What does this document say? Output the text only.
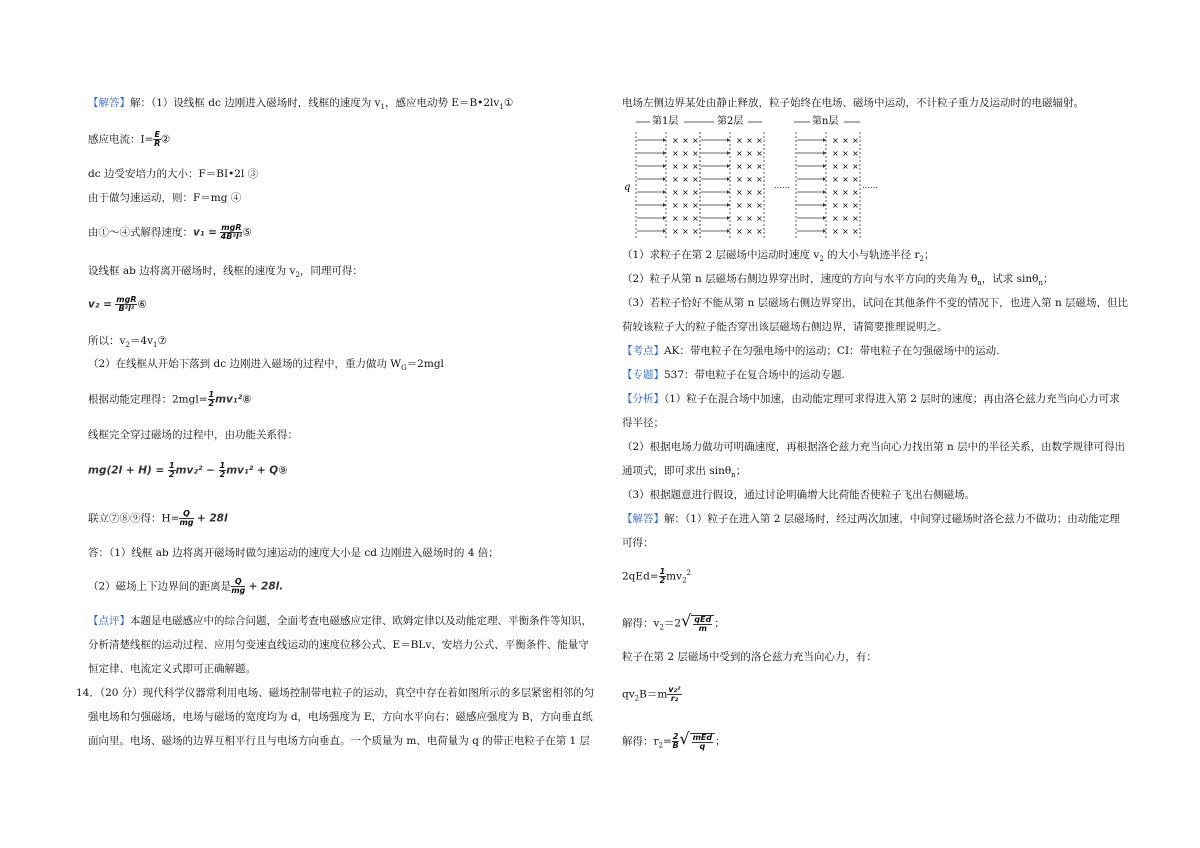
【解答】解：（1）设线框 dc 边刚进入磁场时，线框的速度为 $v_1$，感应电动势 $E=B•2lv_1①$
感应电流：$I= \frac{E}{R}$ ②
dc 边受安培力的大小：F＝BI•2l ③
由于做匀速运动，则：F＝mg ④
由①～④式解得速度：$v_1 = \frac{\text{mgR}}{\text{4B²l²}}$ ⑤
设线框 ab 边将离开磁场时，线框的速度为 $v_2$，同理可得：
$v_2 = \frac{\text{mgR}}{\text{B²l²}}$ ⑥
所以：$v_2=4v_1⑦$
（2）在线框从开始下落到 dc 边刚进入磁场的过程中，重力做功 $W_G=2mgl$
根据动能定理得：$2mgl= \frac{1}{2}$ mv₁²⑧
线框完全穿过磁场的过程中，由功能关系得：
$mg(2l + H) = \frac{1}{2} mv_2^2 - \frac{1}{2} mv_1^2$ + Q⑨
联立⑦⑧⑨得：$H= \frac{Q}{mg} + 28l$
答：（1）线框 ab 边将离开磁场时做匀速运动的速度大小是 cd 边刚进入磁场时的 4 倍；
（2）磁场上下边界间的距离是 $\frac{Q}{mg} + 28l$.
【点评】本题是电磁感应中的综合问题，全面考查电磁感应定律、欧姆定律以及动能定理、平衡条件等知识，
分析清楚线框的运动过程、应用匀变速直线运动的速度位移公式、E＝BLv、安培力公式、平衡条件、能量守
恒定律、电流定义式即可正确解题。
14．（20 分）现代科学仪器常利用电场、磁场控制带电粒子的运动，真空中存在着如图所示的多层紧密相邻的匀
强电场和匀强磁场，电场与磁场的宽度均为 d，电场强度为 E，方向水平向右；磁感应强度为 B，方向垂直纸
面向里。电场、磁场的边界互相平行且与电场方向垂直。一个质量为 m、电荷量为 q 的带正电粒子在第 1 层
电场左侧边界某处由静止释放，粒子始终在电场、磁场中运动，不计粒子重力及运动时的电磁辐射。
第1层	第2层	第n层
× × ×
× × ×
× × ×
× × ×
× × ×
× × ×
× × ×
× × ×
× × ×
× × ×
× × ×
× × ×
× × ×
× × ×
× × ×
× × ×
× × ×
× × ×
× × ×
× × ×
× × ×
× × ×
× × ×
× × ×
q	……	……
（1）求粒子在第 2 层磁场中运动时速度 $v_2$ 的大小与轨迹半径 $r_2$；
（2）粒子从第 n 层磁场右侧边界穿出时，速度的方向与水平方向的夹角为 $\theta_n$，试求 sinθ$_n$；
（3）若粒子恰好不能从第 n 层磁场右侧边界穿出，试问在其他条件不变的情况下，也进入第 n 层磁场，但比
荷较该粒子大的粒子能否穿出该层磁场右侧边界，请简要推理说明之。
【考点】AK：带电粒子在匀强电场中的运动；CI：带电粒子在匀强磁场中的运动.
【专题】537：带电粒子在复合场中的运动专题.
【分析】（1）粒子在混合场中加速，由动能定理可求得进入第 2 层时的速度；再由洛仑兹力充当向心力可求
得半径；
（2）根据电场力做功可明确速度，再根据洛仑兹力充当向心力找出第 n 层中的半径关系，由数学规律可得出
通项式，即可求出 sinθ$_n$；
（3）根据题意进行假设，通过讨论明确增大比荷能否使粒子飞出右侧磁场。
【解答】解：（1）粒子在进入第 2 层磁场时，经过两次加速，中间穿过磁场时洛仑兹力不做功；由动能定理
可得：
$2qEd= \frac{1}{2} mv_2^2$
解得：$v_2=2√ \frac{\text{qEd}}{m}$ ；
粒子在第 2 层磁场中受到的洛仑兹力充当向心力，有：
$qv_2B=m \frac{\text{v₂²}}{\text{r₂}}$
解得：$r_2= \frac{2}{B}$ √ $\frac{\text{mEd}}{q}$ ；
